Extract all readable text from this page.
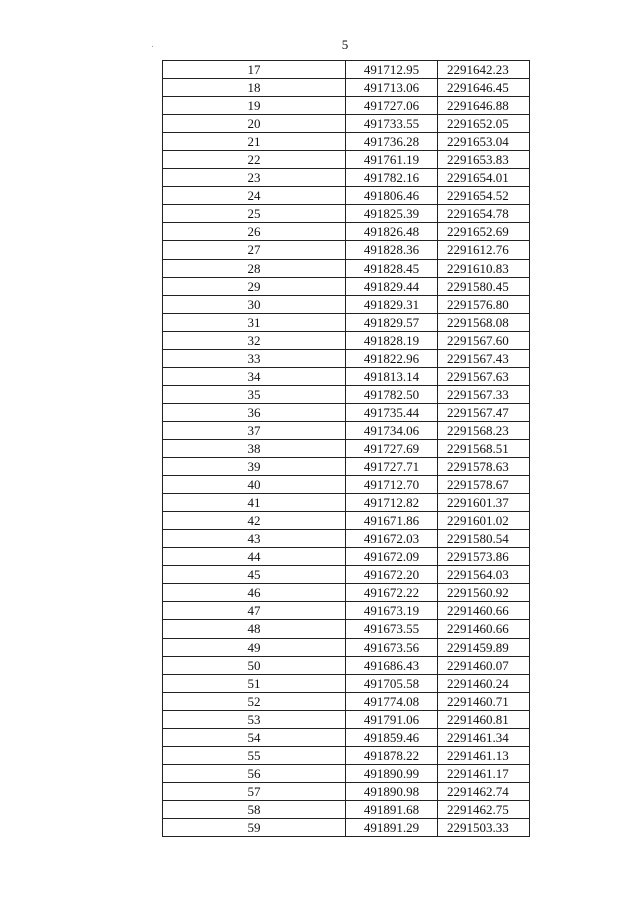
5
17	491712.95	2291642.23
18	491713.06	2291646.45
19	491727.06	2291646.88
20	491733.55	2291652.05
21	491736.28	2291653.04
22	491761.19	2291653.83
23	491782.16	2291654.01
24	491806.46	2291654.52
25	491825.39	2291654.78
26	491826.48	2291652.69
27	491828.36	2291612.76
28	491828.45	2291610.83
29	491829.44	2291580.45
30	491829.31	2291576.80
31	491829.57	2291568.08
32	491828.19	2291567.60
33	491822.96	2291567.43
34	491813.14	2291567.63
35	491782.50	2291567.33
36	491735.44	2291567.47
37	491734.06	2291568.23
38	491727.69	2291568.51
39	491727.71	2291578.63
40	491712.70	2291578.67
41	491712.82	2291601.37
42	491671.86	2291601.02
43	491672.03	2291580.54
44	491672.09	2291573.86
45	491672.20	2291564.03
46	491672.22	2291560.92
47	491673.19	2291460.66
48	491673.55	2291460.66
49	491673.56	2291459.89
50	491686.43	2291460.07
51	491705.58	2291460.24
52	491774.08	2291460.71
53	491791.06	2291460.81
54	491859.46	2291461.34
55	491878.22	2291461.13
56	491890.99	2291461.17
57	491890.98	2291462.74
58	491891.68	2291462.75
59	491891.29	2291503.33
